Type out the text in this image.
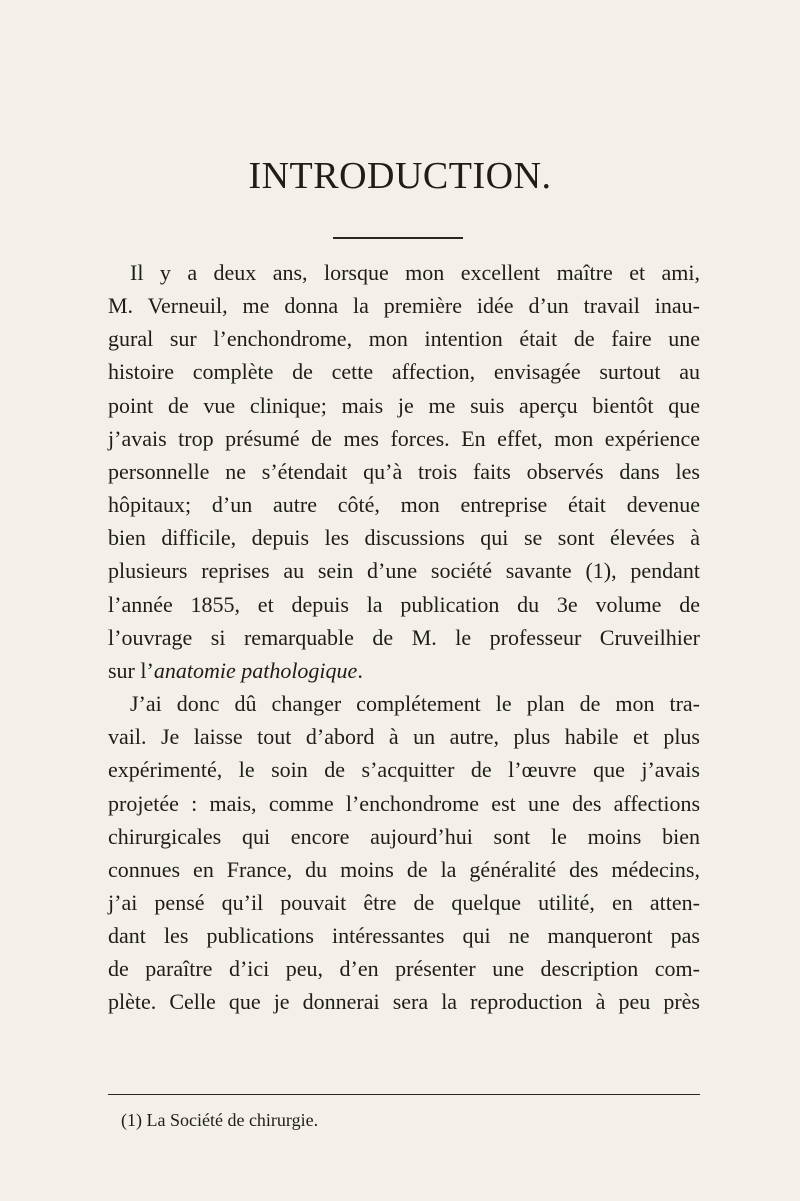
INTRODUCTION.
Il y a deux ans, lorsque mon excellent maître et ami,
M. Verneuil, me donna la première idée d’un travail inau-
gural sur l’enchondrome, mon intention était de faire une
histoire complète de cette affection, envisagée surtout au
point de vue clinique; mais je me suis aperçu bientôt que
j’avais trop présumé de mes forces. En effet, mon expérience
personnelle ne s’étendait qu’à trois faits observés dans les
hôpitaux; d’un autre côté, mon entreprise était devenue
bien difficile, depuis les discussions qui se sont élevées à
plusieurs reprises au sein d’une société savante (1), pendant
l’année 1855, et depuis la publication du 3e volume de
l’ouvrage si remarquable de M. le professeur Cruveilhier
sur l’anatomie pathologique.
J’ai donc dû changer complétement le plan de mon tra-
vail. Je laisse tout d’abord à un autre, plus habile et plus
expérimenté, le soin de s’acquitter de l’œuvre que j’avais
projetée : mais, comme l’enchondrome est une des affections
chirurgicales qui encore aujourd’hui sont le moins bien
connues en France, du moins de la généralité des médecins,
j’ai pensé qu’il pouvait être de quelque utilité, en atten-
dant les publications intéressantes qui ne manqueront pas
de paraître d’ici peu, d’en présenter une description com-
plète. Celle que je donnerai sera la reproduction à peu près
(1) La Société de chirurgie.
